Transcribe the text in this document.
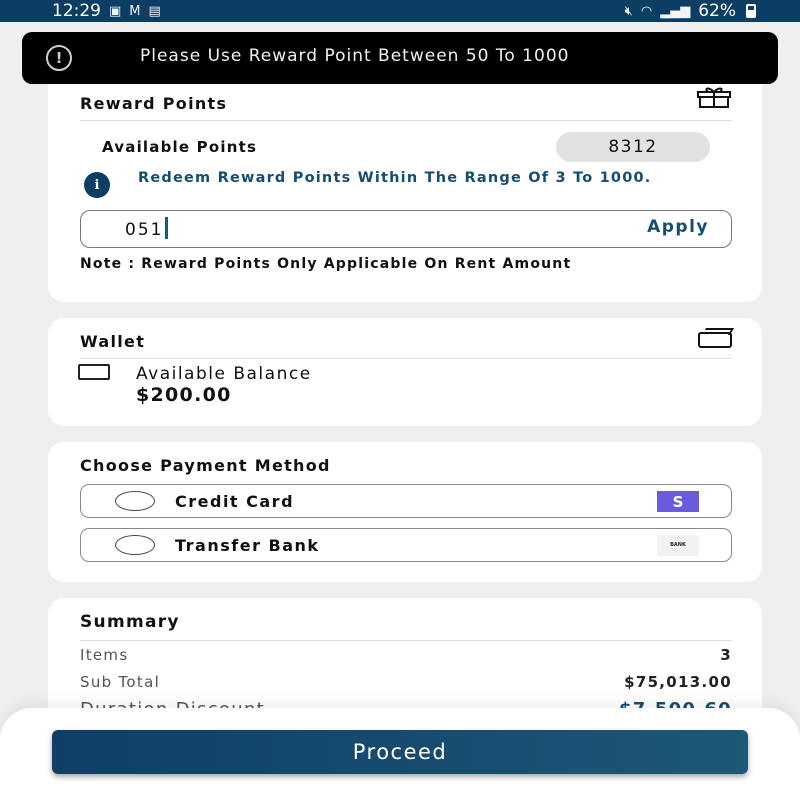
12:29 ▣ M ▤	🔇︎ ◠ ▂▄▆ 62%
!	Please Use Reward Point Between 50 To 1000
Reward Points
Available Points	8312
i	Redeem Reward Points Within The Range Of 3 To 1000.
051	Apply
Note : Reward Points Only Applicable On Rent Amount
Wallet
Available Balance
$200.00
Choose Payment Method
Credit Card	S
Transfer Bank	BANK
Summary
Items	3
Sub Total	$75,013.00
Proceed
